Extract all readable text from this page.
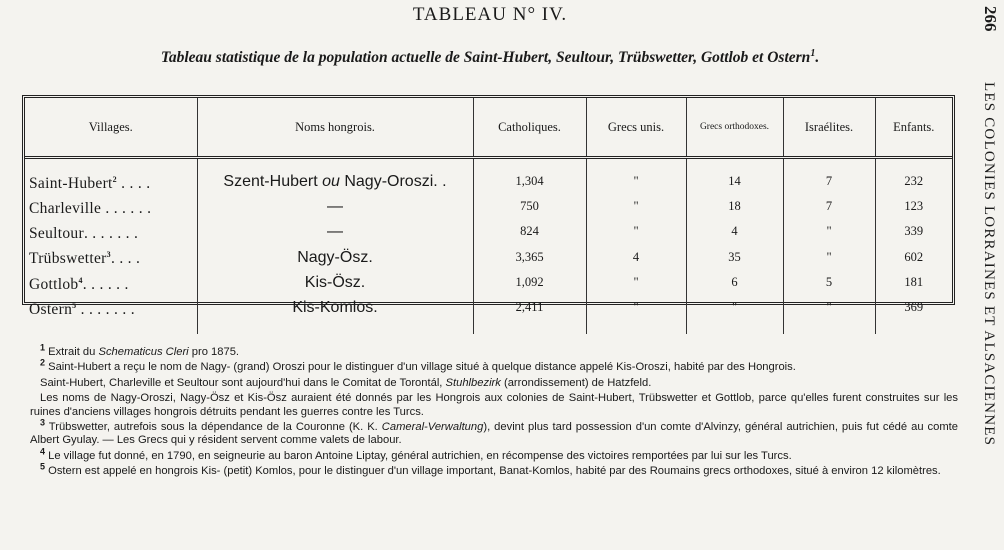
TABLEAU N° IV.	266
LES COLONIES LORRAINES ET ALSACIENNES
Tableau statistique de la population actuelle de Saint-Hubert, Seultour, Trübswetter, Gottlob et Ostern$^1$.
Villages.	Noms hongrois.	Catholiques.	Grecs unis.	Grecs orthodoxes.	Israélites.	Enfants.
Saint-Hubert$^2$ . . . .	Szent-Hubert ou Nagy-Oroszi. .	1,304	"	14	7	232
Charleville . . . . . .	—	750	"	18	7	123
Seultour. . . . . . .	—	824	"	4	"	339
Trübswetter$^3$. . . .	Nagy-Ösz.	3,365	4	35	"	602
Gottlob$^4$. . . . . .	Kis-Ösz.	1,092	"	6	5	181
Ostern$^5$ . . . . . . .	Kis-Komlos.	2,411	"	"	"	369

$^1$ Extrait du Schematicus Cleri pro 1875.

$^2$ Saint-Hubert a reçu le nom de Nagy- (grand) Oroszi pour le distinguer d'un village situé à quelque distance appelé Kis-Oroszi, habité par des Hongrois.

Saint-Hubert, Charleville et Seultour sont aujourd'hui dans le Comitat de Torontál, Stuhlbezirk (arrondissement) de Hatzfeld.

Les noms de Nagy-Oroszi, Nagy-Ösz et Kis-Ösz auraient été donnés par les Hongrois aux colonies de Saint-Hubert, Trübswetter et Gottlob, parce qu'elles furent construites sur les ruines d'anciens villages hongrois détruits pendant les guerres contre les Turcs.

$^3$ Trübswetter, autrefois sous la dépendance de la Couronne (K. K. Cameral-Verwaltung), devint plus tard possession d'un comte d'Alvinzy, général autrichien, puis fut cédé au comte Albert Gyulay. — Les Grecs qui y résident servent comme valets de labour.

$^4$ Le village fut donné, en 1790, en seigneurie au baron Antoine Liptay, général autrichien, en récompense des victoires remportées par lui sur les Turcs.

$^5$ Ostern est appelé en hongrois Kis- (petit) Komlos, pour le distinguer d'un village important, Banat-Komlos, habité par des Roumains grecs orthodoxes, situé à environ 12 kilomètres.
